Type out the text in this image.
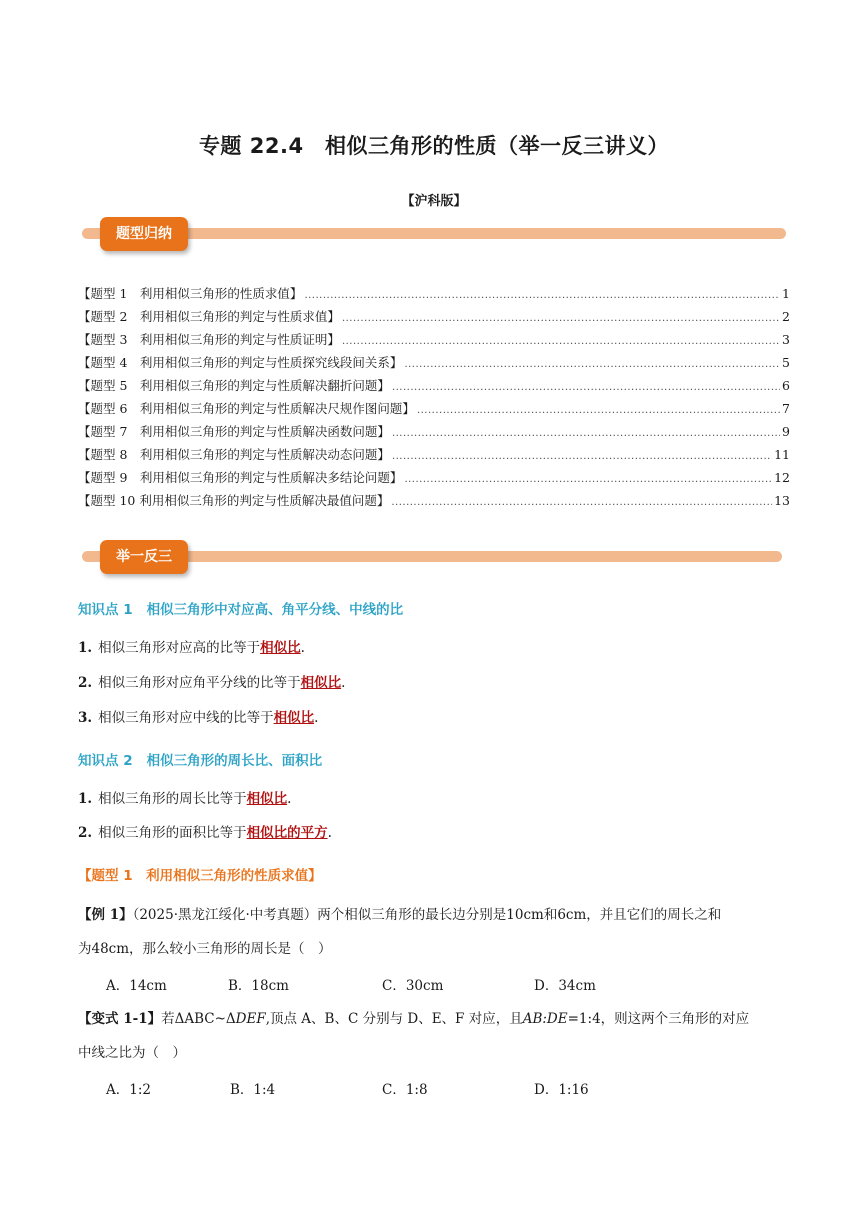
专题 22.4　相似三角形的性质（举一反三讲义）
【沪科版】
题型归纳
【题型 1　利用相似三角形的性质求值】 .....	1
【题型 2　利用相似三角形的判定与性质求值】 .....	2
【题型 3　利用相似三角形的判定与性质证明】 .....	3
【题型 4　利用相似三角形的判定与性质探究线段间关系】 .....	5
【题型 5　利用相似三角形的判定与性质解决翻折问题】 .....	6
【题型 6　利用相似三角形的判定与性质解决尺规作图问题】 .....	7
【题型 7　利用相似三角形的判定与性质解决函数问题】 .....	9
【题型 8　利用相似三角形的判定与性质解决动态问题】 .....	11
【题型 9　利用相似三角形的判定与性质解决多结论问题】 .....	12
【题型 10 利用相似三角形的判定与性质解决最值问题】 .....	13
举一反三
知识点 1 相似三角形中对应高、角平分线、中线的比
1. 相似三角形对应高的比等于相似比.
2. 相似三角形对应角平分线的比等于相似比.
3. 相似三角形对应中线的比等于相似比.
知识点 2 相似三角形的周长比、面积比
1. 相似三角形的周长比等于相似比.
2. 相似三角形的面积比等于相似比的平方.
【题型 1　利用相似三角形的性质求值】
【例 1】（2025·黑龙江绥化·中考真题）两个相似三角形的最长边分别是10cm和6cm，并且它们的周长之和
为48cm，那么较小三角形的周长是（　）
A．14cm	B．18cm	C．30cm	D．34cm
【变式 1-1】若ΔABC~ΔDEF,顶点 A、B、C 分别与 D、E、F 对应，且AB:DE=1:4，则这两个三角形的对应
中线之比为（　）
A．1:2	B．1:4	C．1:8	D．1:16
